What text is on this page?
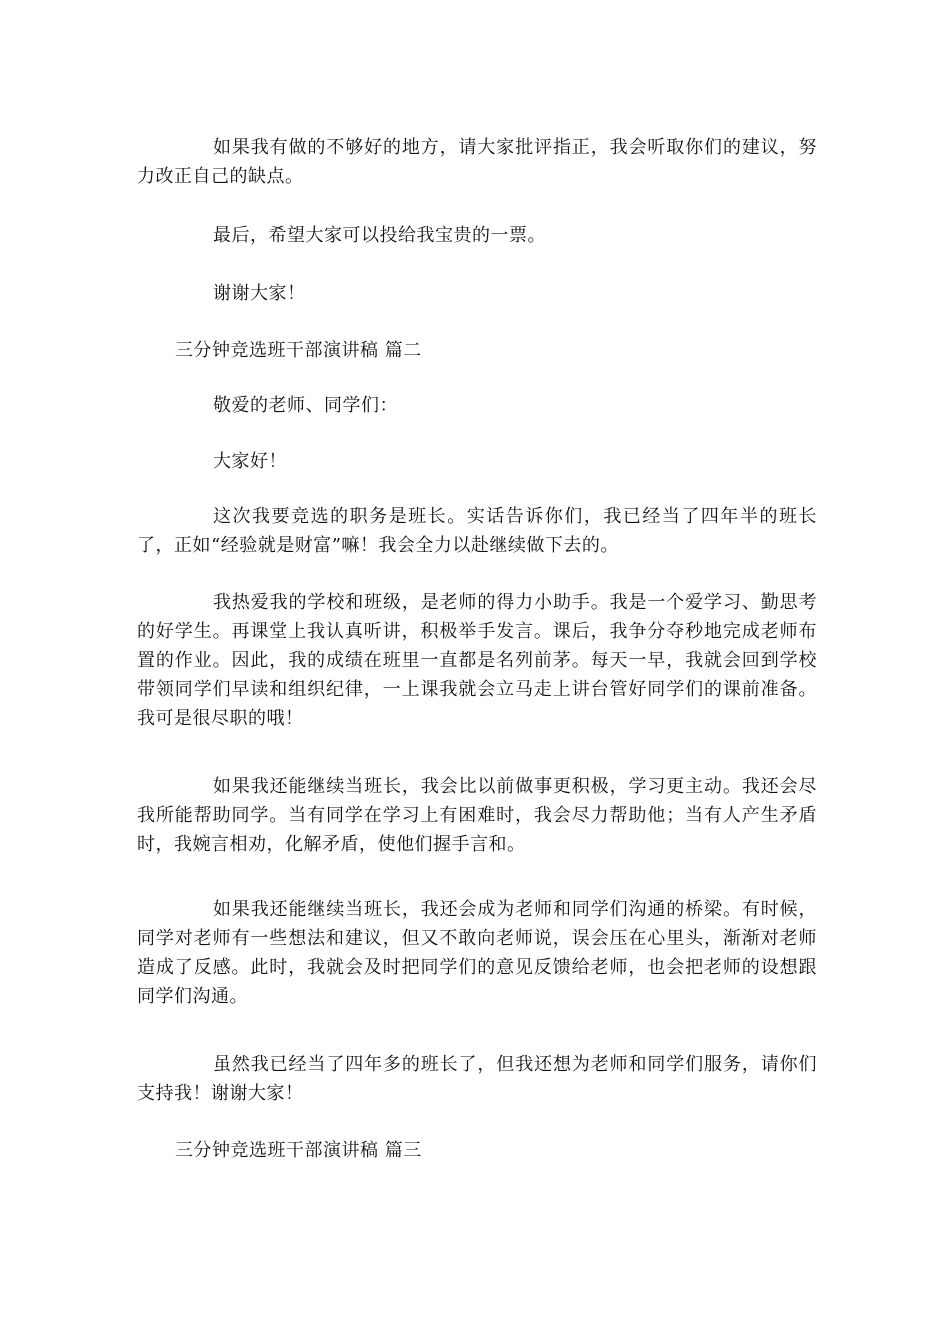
如果我有做的不够好的地方，请大家批评指正，我会听取你们的建议，努力改正自己的缺点。

最后，希望大家可以投给我宝贵的一票。

谢谢大家！

三分钟竞选班干部演讲稿 篇二

敬爱的老师、同学们：

大家好！

这次我要竞选的职务是班长。实话告诉你们，我已经当了四年半的班长了，正如“经验就是财富”嘛！我会全力以赴继续做下去的。

我热爱我的学校和班级，是老师的得力小助手。我是一个爱学习、勤思考的好学生。再课堂上我认真听讲，积极举手发言。课后，我争分夺秒地完成老师布置的作业。因此，我的成绩在班里一直都是名列前茅。每天一早，我就会回到学校带领同学们早读和组织纪律，一上课我就会立马走上讲台管好同学们的课前准备。我可是很尽职的哦！

如果我还能继续当班长，我会比以前做事更积极，学习更主动。我还会尽我所能帮助同学。当有同学在学习上有困难时，我会尽力帮助他；当有人产生矛盾时，我婉言相劝，化解矛盾，使他们握手言和。

如果我还能继续当班长，我还会成为老师和同学们沟通的桥梁。有时候，同学对老师有一些想法和建议，但又不敢向老师说，误会压在心里头，渐渐对老师造成了反感。此时，我就会及时把同学们的意见反馈给老师，也会把老师的设想跟同学们沟通。

虽然我已经当了四年多的班长了，但我还想为老师和同学们服务，请你们支持我！谢谢大家！

三分钟竞选班干部演讲稿 篇三
